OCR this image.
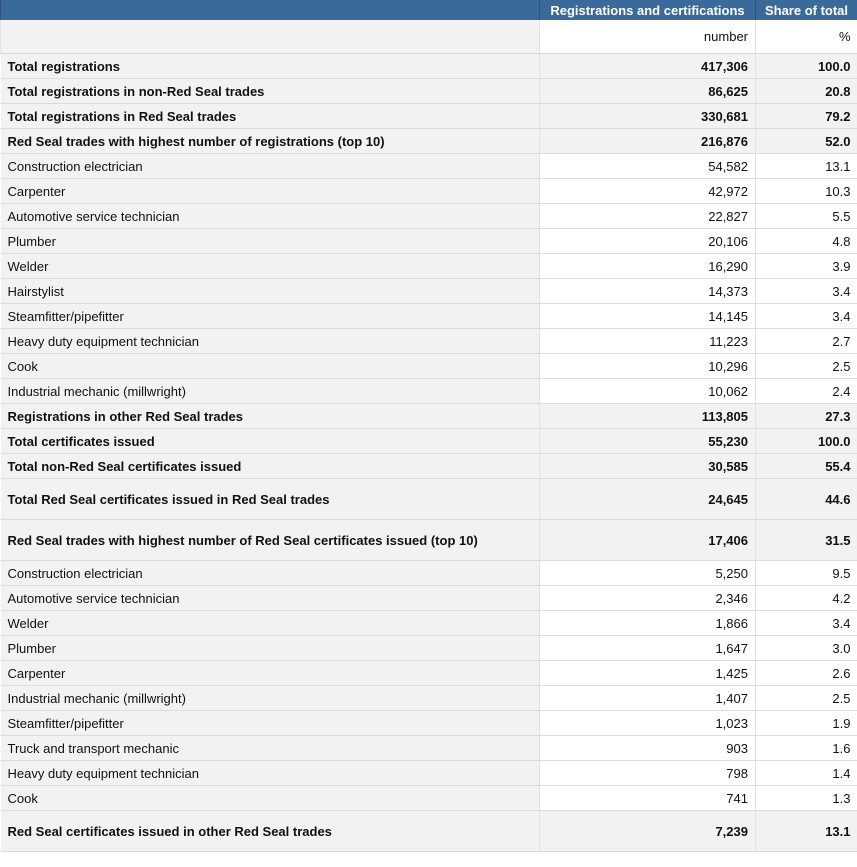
	Registrations and certifications	Share of total
	number	%
Total registrations	417,306	100.0
Total registrations in non-Red Seal trades	86,625	20.8
Total registrations in Red Seal trades	330,681	79.2
Red Seal trades with highest number of registrations (top 10)	216,876	52.0
Construction electrician	54,582	13.1
Carpenter	42,972	10.3
Automotive service technician	22,827	5.5
Plumber	20,106	4.8
Welder	16,290	3.9
Hairstylist	14,373	3.4
Steamfitter/pipefitter	14,145	3.4
Heavy duty equipment technician	11,223	2.7
Cook	10,296	2.5
Industrial mechanic (millwright)	10,062	2.4
Registrations in other Red Seal trades	113,805	27.3
Total certificates issued	55,230	100.0
Total non-Red Seal certificates issued	30,585	55.4
Total Red Seal certificates issued in Red Seal trades	24,645	44.6
Red Seal trades with highest number of Red Seal certificates issued (top 10)	17,406	31.5
Construction electrician	5,250	9.5
Automotive service technician	2,346	4.2
Welder	1,866	3.4
Plumber	1,647	3.0
Carpenter	1,425	2.6
Industrial mechanic (millwright)	1,407	2.5
Steamfitter/pipefitter	1,023	1.9
Truck and transport mechanic	903	1.6
Heavy duty equipment technician	798	1.4
Cook	741	1.3
Red Seal certificates issued in other Red Seal trades	7,239	13.1
